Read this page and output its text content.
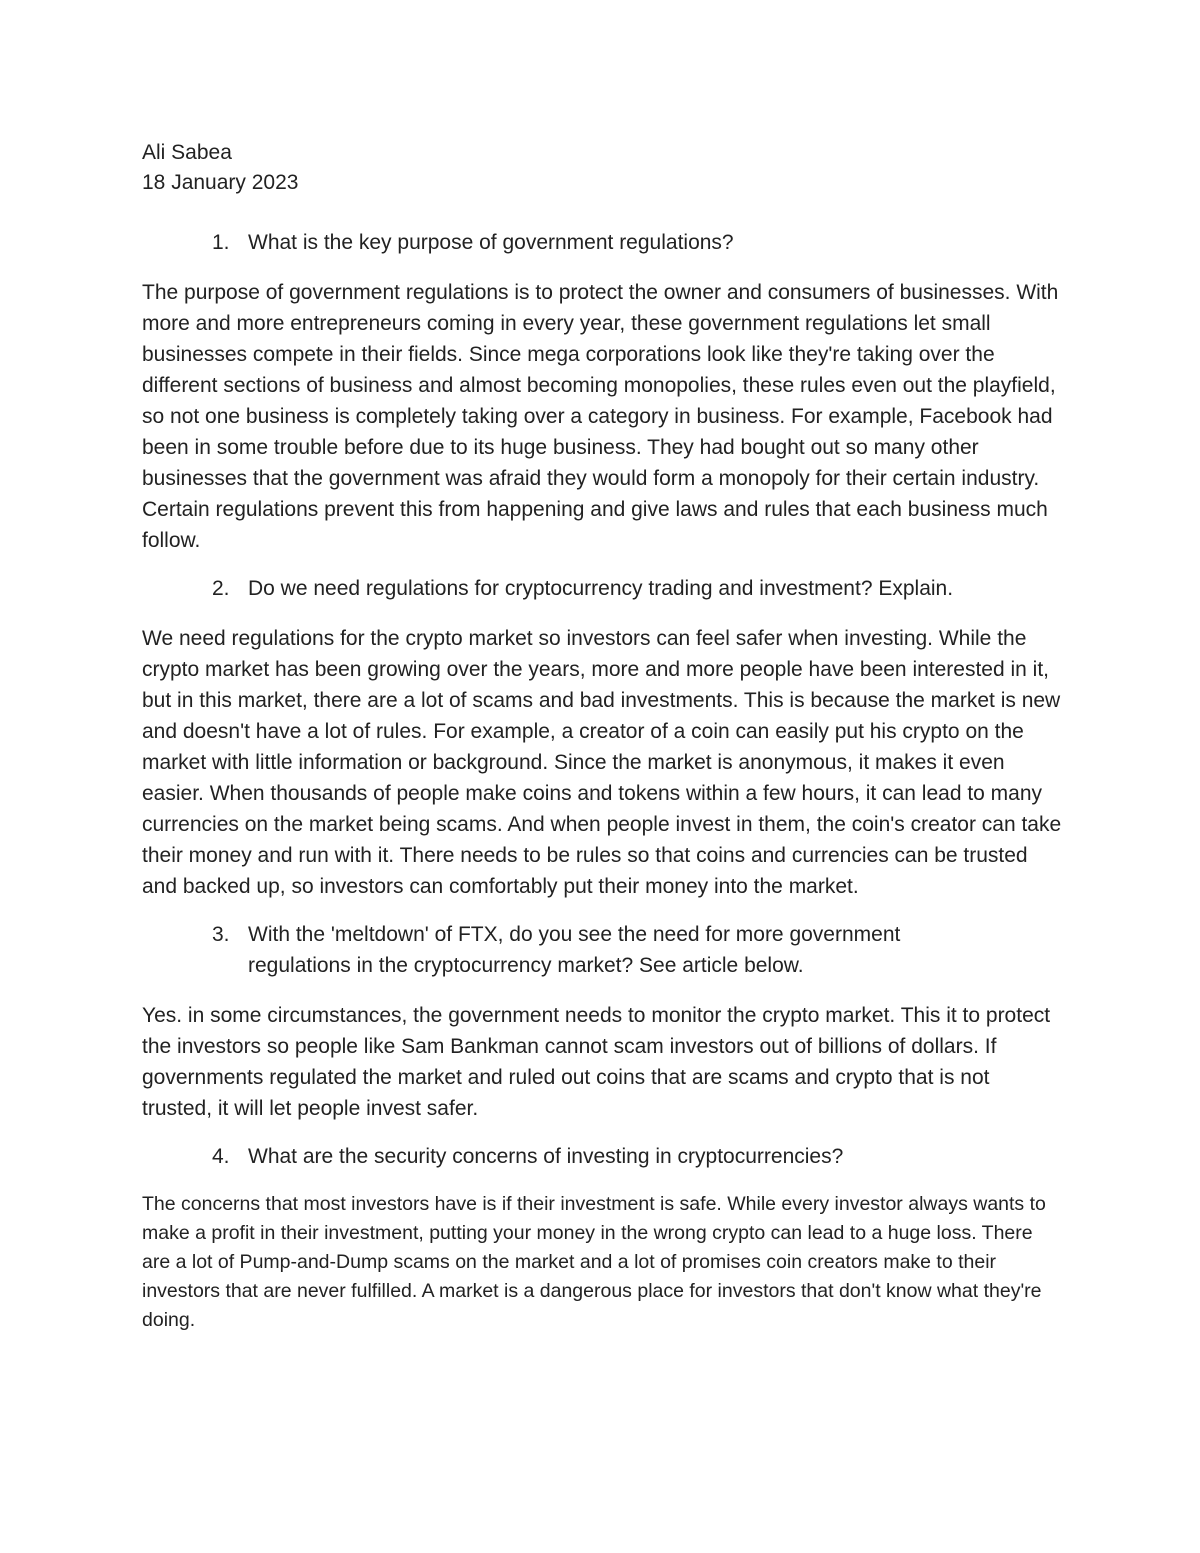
Ali Sabea

18 January 2023

1. What is the key purpose of government regulations?

The purpose of government regulations is to protect the owner and consumers of businesses. With more and more entrepreneurs coming in every year, these government regulations let small businesses compete in their fields. Since mega corporations look like they're taking over the different sections of business and almost becoming monopolies, these rules even out the playfield, so not one business is completely taking over a category in business. For example, Facebook had been in some trouble before due to its huge business. They had bought out so many other businesses that the government was afraid they would form a monopoly for their certain industry. Certain regulations prevent this from happening and give laws and rules that each business much follow.

2. Do we need regulations for cryptocurrency trading and investment? Explain.

We need regulations for the crypto market so investors can feel safer when investing. While the crypto market has been growing over the years, more and more people have been interested in it, but in this market, there are a lot of scams and bad investments. This is because the market is new and doesn't have a lot of rules. For example, a creator of a coin can easily put his crypto on the market with little information or background. Since the market is anonymous, it makes it even easier. When thousands of people make coins and tokens within a few hours, it can lead to many currencies on the market being scams. And when people invest in them, the coin's creator can take their money and run with it. There needs to be rules so that coins and currencies can be trusted and backed up, so investors can comfortably put their money into the market.

3. With the 'meltdown' of FTX, do you see the need for more government regulations in the cryptocurrency market? See article below.

Yes. in some circumstances, the government needs to monitor the crypto market. This it to protect the investors so people like Sam Bankman cannot scam investors out of billions of dollars. If governments regulated the market and ruled out coins that are scams and crypto that is not trusted, it will let people invest safer.

4. What are the security concerns of investing in cryptocurrencies?

The concerns that most investors have is if their investment is safe. While every investor always wants to make a profit in their investment, putting your money in the wrong crypto can lead to a huge loss. There are a lot of Pump-and-Dump scams on the market and a lot of promises coin creators make to their investors that are never fulfilled. A market is a dangerous place for investors that don't know what they're doing.
